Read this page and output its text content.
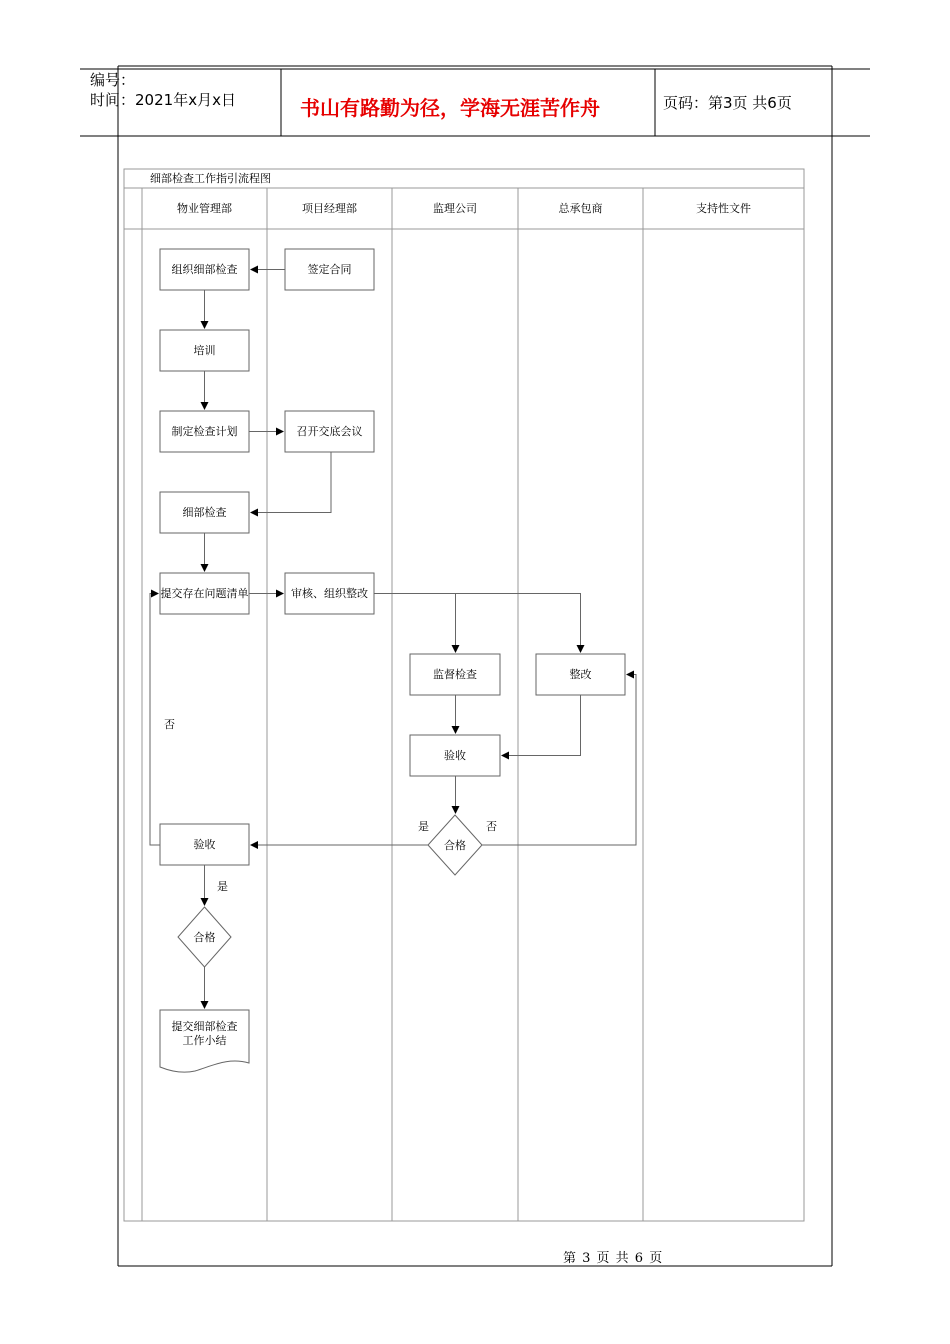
编号：
时间：2021年x月x日	书山有路勤为径，学海无涯苦作舟	页码：第3页 共6页
细部检查工作指引流程图
物业管理部	项目经理部	监理公司	总承包商	支持性文件
组织细部检查	签定合同
培训
制定检查计划	召开交底会议
细部检查
提交存在问题清单	审核、组织整改
监督检查	整改
验收
合格
验收
合格
提交细部检查
工作小结
否
是	否
是
第 3 页 共 6 页
